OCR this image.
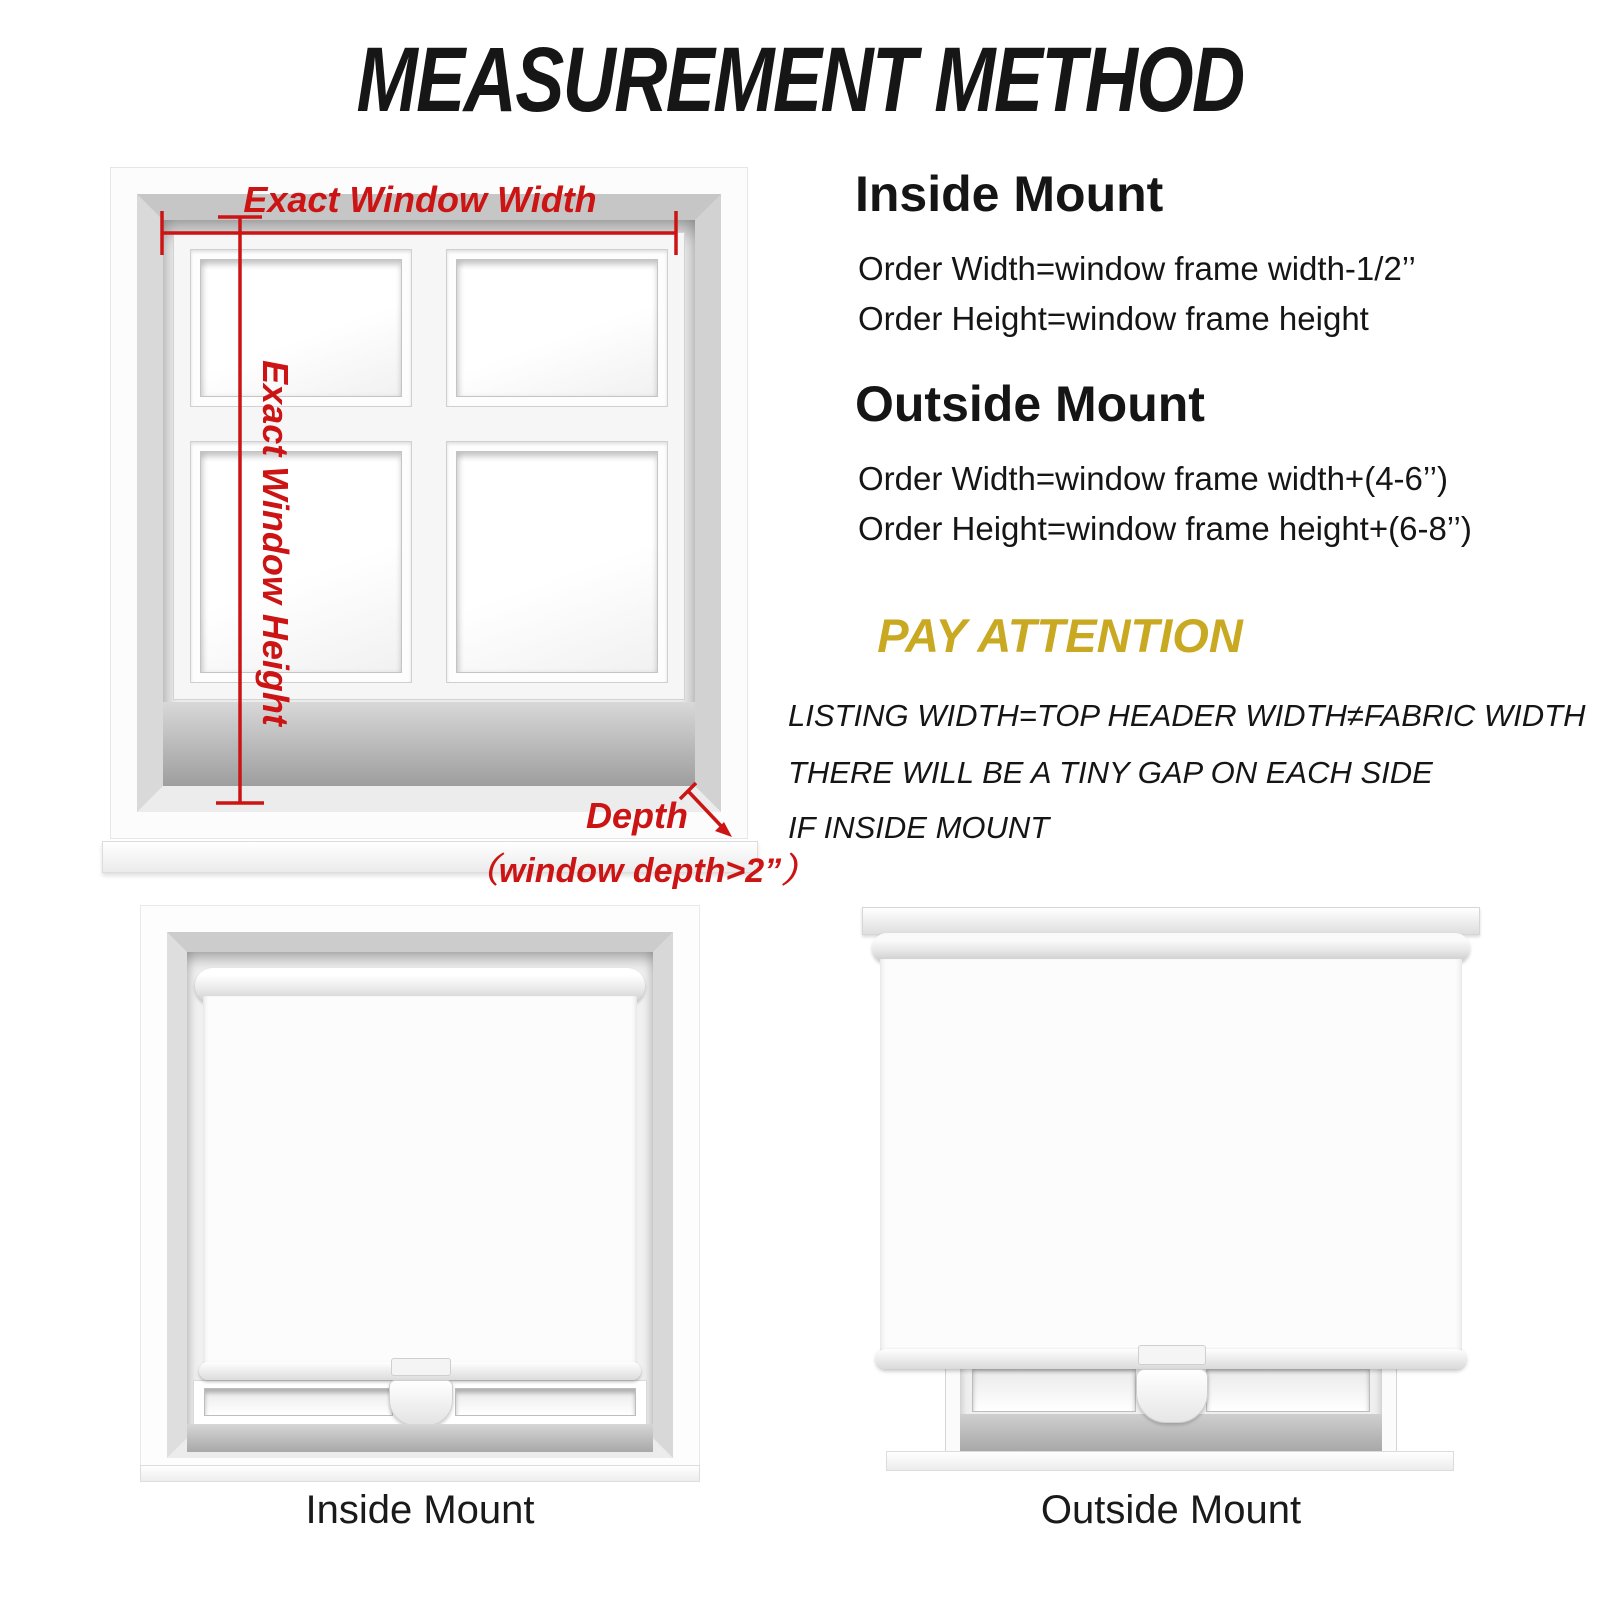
MEASUREMENT METHOD
Exact Window Width
Exact Window Height
Depth
（window depth>2”）
Inside Mount
Order Width=window frame width-1/2’’
Order Height=window frame height
Outside Mount
Order Width=window frame width+(4-6’’)
Order Height=window frame height+(6-8’’)
PAY ATTENTION
LISTING WIDTH=TOP HEADER WIDTH≠FABRIC WIDTH
THERE WILL BE A TINY GAP ON EACH SIDE
IF INSIDE MOUNT
Inside Mount	Outside Mount
